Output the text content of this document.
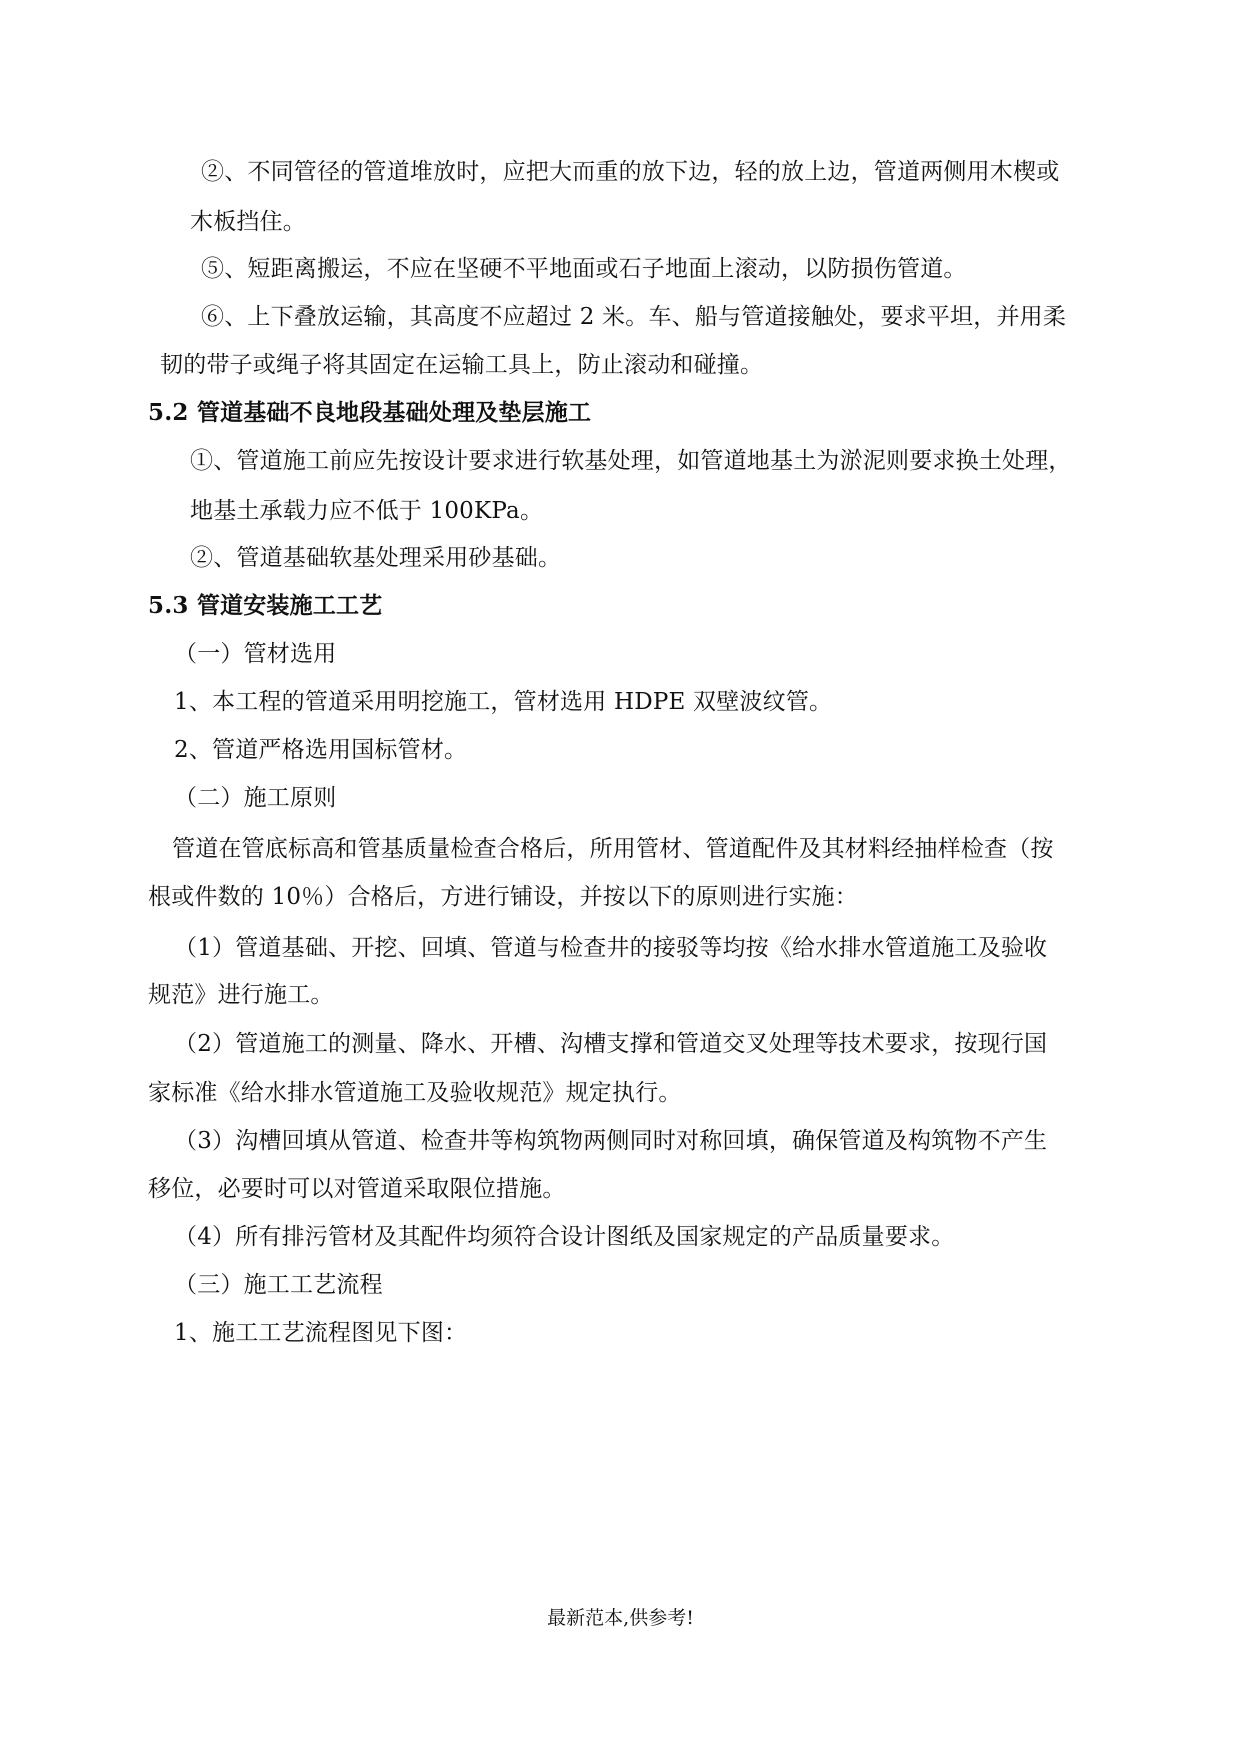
②、不同管径的管道堆放时，应把大而重的放下边，轻的放上边，管道两侧用木楔或
木板挡住。
⑤、短距离搬运，不应在坚硬不平地面或石子地面上滚动，以防损伤管道。
⑥、上下叠放运输，其高度不应超过 2 米。车、船与管道接触处，要求平坦，并用柔
韧的带子或绳子将其固定在运输工具上，防止滚动和碰撞。
5.2 管道基础不良地段基础处理及垫层施工
①、管道施工前应先按设计要求进行软基处理，如管道地基土为淤泥则要求换土处理，
地基土承载力应不低于 100KPa。
②、管道基础软基处理采用砂基础。
5.3 管道安装施工工艺
（一）管材选用
1、本工程的管道采用明挖施工，管材选用 HDPE 双壁波纹管。
2、管道严格选用国标管材。
（二）施工原则
管道在管底标高和管基质量检查合格后，所用管材、管道配件及其材料经抽样检查（按
根或件数的 10％）合格后，方进行铺设，并按以下的原则进行实施：
（1）管道基础、开挖、回填、管道与检查井的接驳等均按《给水排水管道施工及验收
规范》进行施工。
（2）管道施工的测量、降水、开槽、沟槽支撑和管道交叉处理等技术要求，按现行国
家标准《给水排水管道施工及验收规范》规定执行。
（3）沟槽回填从管道、检查井等构筑物两侧同时对称回填，确保管道及构筑物不产生
移位，必要时可以对管道采取限位措施。
（4）所有排污管材及其配件均须符合设计图纸及国家规定的产品质量要求。
（三）施工工艺流程
1、施工工艺流程图见下图：
最新范本,供参考!
